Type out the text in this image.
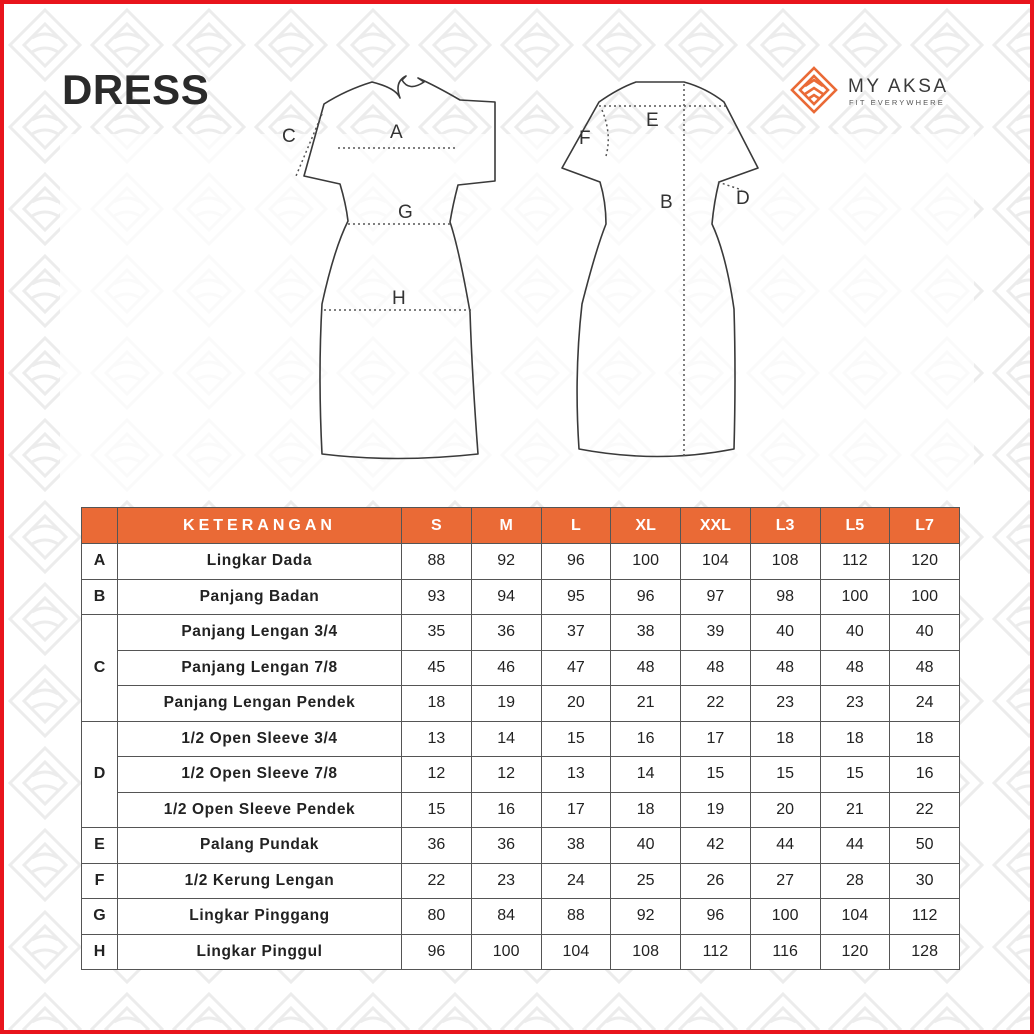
DRESS	MY AKSA
FIT EVERYWHERE
A
C
G
H
E
F
B	D
	KETERANGAN	S	M	L	XL	XXL	L3	L5	L7
A	Lingkar Dada	88	92	96	100	104	108	112	120
B	Panjang Badan	93	94	95	96	97	98	100	100
C	Panjang Lengan 3/4	35	36	37	38	39	40	40	40
	Panjang Lengan 7/8	45	46	47	48	48	48	48	48
	Panjang Lengan Pendek	18	19	20	21	22	23	23	24
D	1/2 Open Sleeve 3/4	13	14	15	16	17	18	18	18
	1/2 Open Sleeve 7/8	12	12	13	14	15	15	15	16
	1/2 Open Sleeve Pendek	15	16	17	18	19	20	21	22
E	Palang Pundak	36	36	38	40	42	44	44	50
F	1/2 Kerung Lengan	22	23	24	25	26	27	28	30
G	Lingkar Pinggang	80	84	88	92	96	100	104	112
H	Lingkar Pinggul	96	100	104	108	112	116	120	128
